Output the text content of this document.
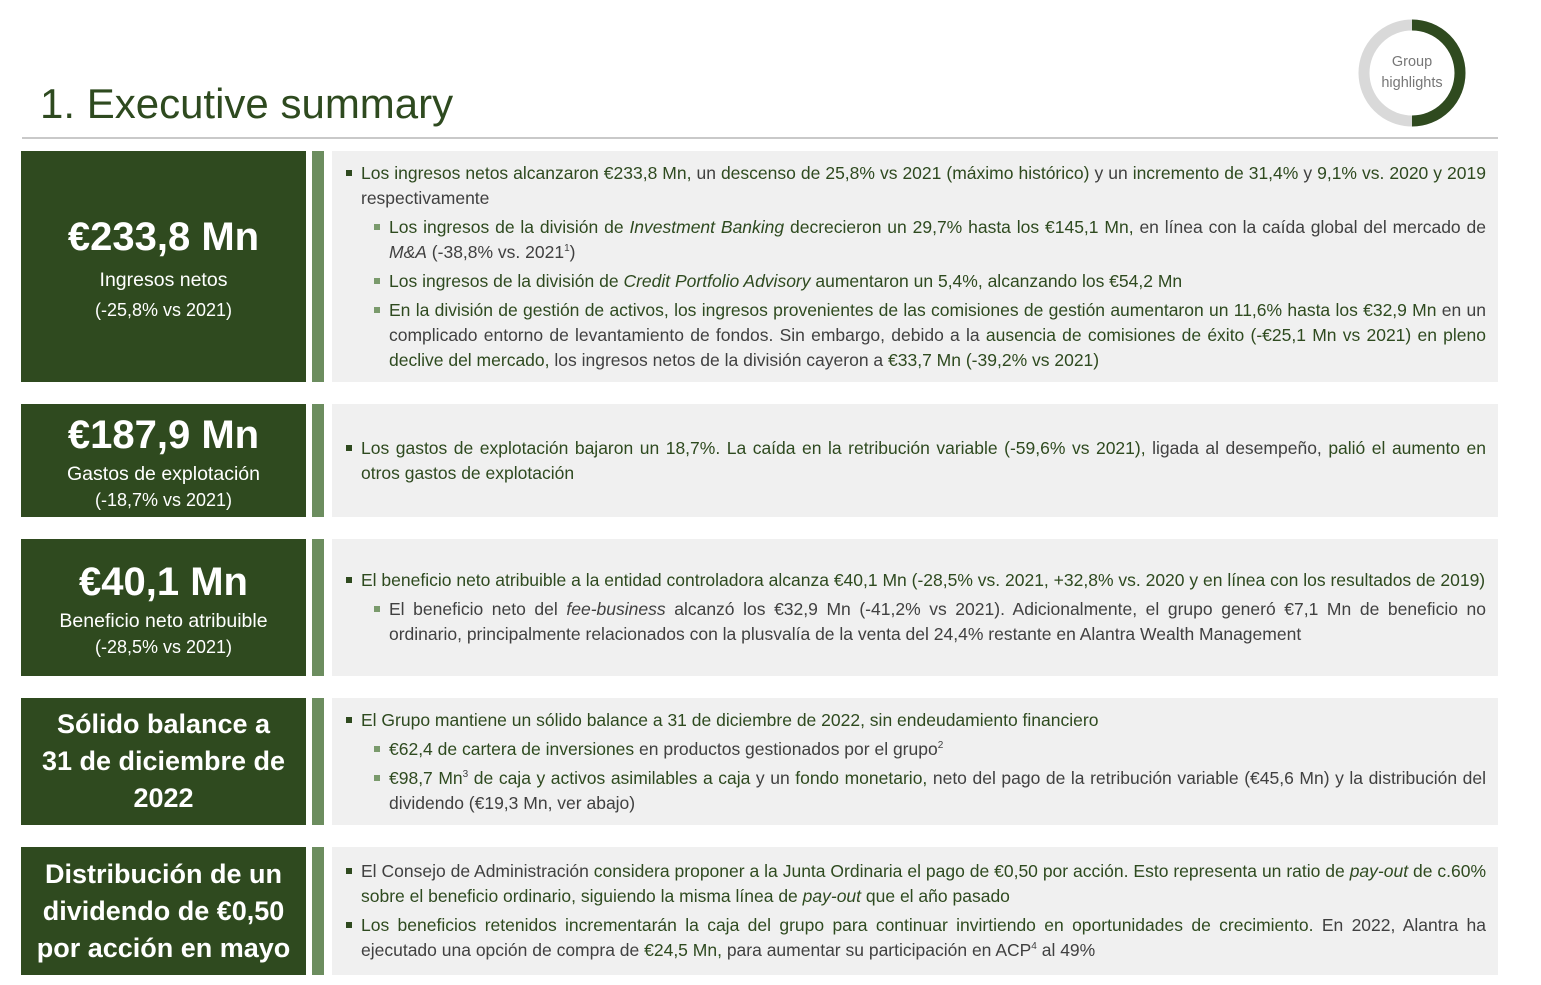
1. Executive summary
Group
highlights
€233,8 Mn
Ingresos netos
(-25,8% vs 2021)

Los ingresos netos alcanzaron €233,8 Mn, un descenso de 25,8% vs 2021 (máximo histórico) y un incremento de 31,4% y 9,1% vs. 2020 y 2019 respectivamente

Los ingresos de la división de Investment Banking decrecieron un 29,7% hasta los €145,1 Mn, en línea con la caída global del mercado de M&A (-38,8% vs. 2021$^1$)

Los ingresos de la división de Credit Portfolio Advisory aumentaron un 5,4%, alcanzando los €54,2 Mn

En la división de gestión de activos, los ingresos provenientes de las comisiones de gestión aumentaron un 11,6% hasta los €32,9 Mn en un complicado entorno de levantamiento de fondos. Sin embargo, debido a la ausencia de comisiones de éxito (-€25,1 Mn vs 2021) en pleno declive del mercado, los ingresos netos de la división cayeron a €33,7 Mn (-39,2% vs 2021)

€187,9 Mn
Gastos de explotación
(-18,7% vs 2021)

Los gastos de explotación bajaron un 18,7%. La caída en la retribución variable (-59,6% vs 2021), ligada al desempeño, palió el aumento en otros gastos de explotación

€40,1 Mn
Beneficio neto atribuible
(-28,5% vs 2021)

El beneficio neto atribuible a la entidad controladora alcanza €40,1 Mn (-28,5% vs. 2021, +32,8% vs. 2020 y en línea con los resultados de 2019)

El beneficio neto del fee-business alcanzó los €32,9 Mn (-41,2% vs 2021). Adicionalmente, el grupo generó €7,1 Mn de beneficio no ordinario, principalmente relacionados con la plusvalía de la venta del 24,4% restante en Alantra Wealth Management

Sólido balance a
31 de diciembre de
2022

El Grupo mantiene un sólido balance a 31 de diciembre de 2022, sin endeudamiento financiero

€62,4 de cartera de inversiones en productos gestionados por el grupo$^2$

€98,7 Mn$^3$ de caja y activos asimilables a caja y un fondo monetario, neto del pago de la retribución variable (€45,6 Mn) y la distribución del dividendo (€19,3 Mn, ver abajo)

Distribución de un
dividendo de €0,50
por acción en mayo

El Consejo de Administración considera proponer a la Junta Ordinaria el pago de €0,50 por acción. Esto representa un ratio de pay-out de c.60% sobre el beneficio ordinario, siguiendo la misma línea de pay-out que el año pasado

Los beneficios retenidos incrementarán la caja del grupo para continuar invirtiendo en oportunidades de crecimiento. En 2022, Alantra ha ejecutado una opción de compra de €24,5 Mn, para aumentar su participación en ACP$^4$ al 49%
